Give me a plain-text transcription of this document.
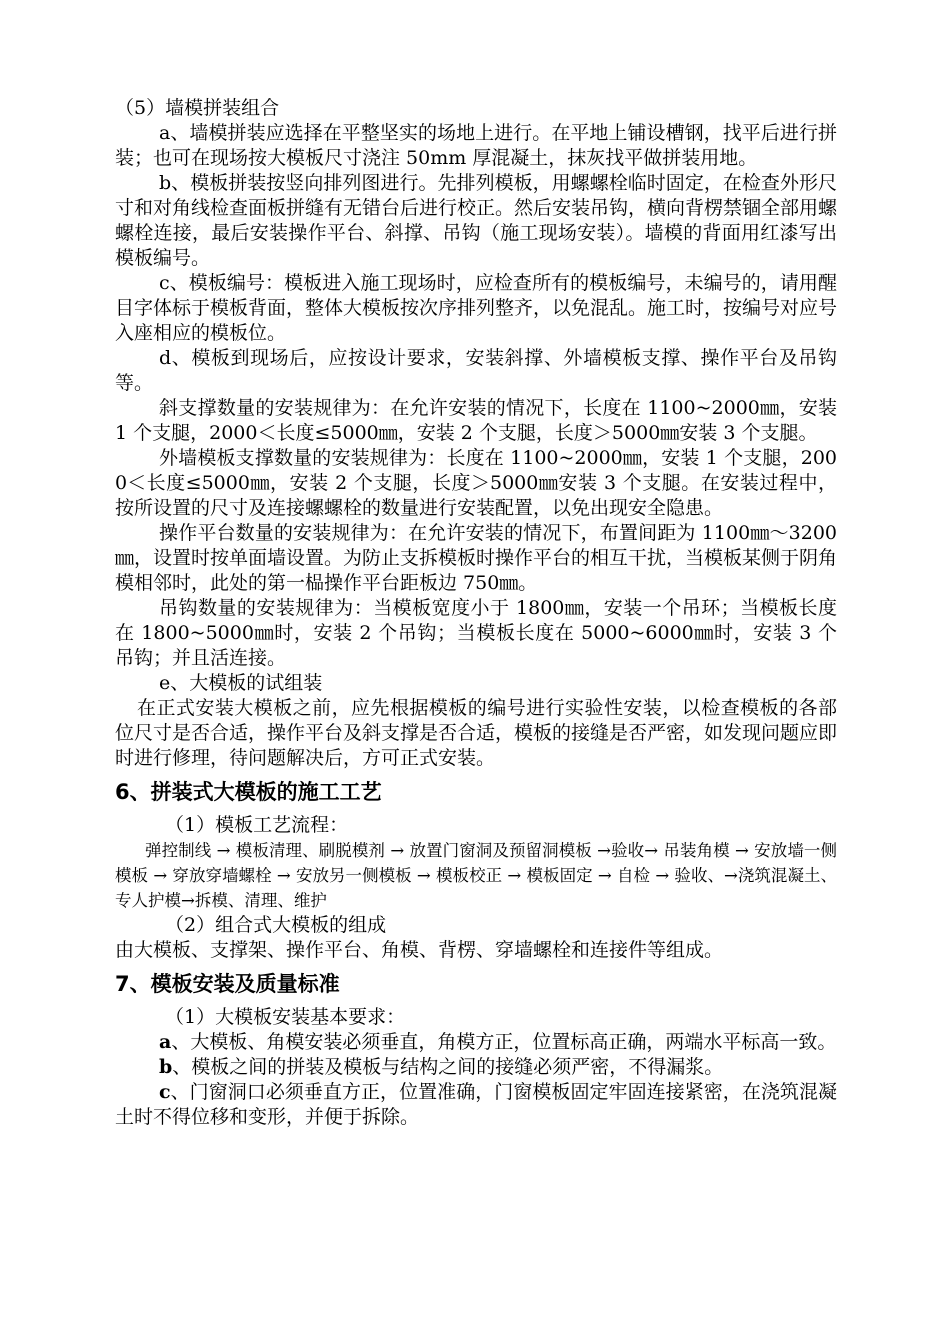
（5）墙模拼装组合

a、墙模拼装应选择在平整坚实的场地上进行。在平地上铺设槽钢，找平后进行拼装；也可在现场按大模板尺寸浇注 50mm 厚混凝土，抹灰找平做拼装用地。

b、模板拼装按竖向排列图进行。先排列模板，用螺螺栓临时固定，在检查外形尺寸和对角线检查面板拼缝有无错台后进行校正。然后安装吊钩，横向背楞禁锢全部用螺螺栓连接，最后安装操作平台、斜撑、吊钩（施工现场安装）。墙模的背面用红漆写出模板编号。

c、模板编号：模板进入施工现场时，应检查所有的模板编号，未编号的，请用醒目字体标于模板背面，整体大模板按次序排列整齐，以免混乱。施工时，按编号对应号入座相应的模板位。

d、模板到现场后，应按设计要求，安装斜撑、外墙模板支撑、操作平台及吊钩等。

斜支撑数量的安装规律为：在允许安装的情况下，长度在 1100~2000㎜，安装 1 个支腿，2000＜长度≤5000㎜，安装 2 个支腿，长度＞5000㎜安装 3 个支腿。

外墙模板支撑数量的安装规律为：长度在 1100~2000㎜，安装 1 个支腿，2000＜长度≤5000㎜，安装 2 个支腿，长度＞5000㎜安装 3 个支腿。在安装过程中，按所设置的尺寸及连接螺螺栓的数量进行安装配置，以免出现安全隐患。

操作平台数量的安装规律为：在允许安装的情况下，布置间距为 1100㎜～3200㎜，设置时按单面墙设置。为防止支拆模板时操作平台的相互干扰，当模板某侧于阴角模相邻时，此处的第一榀操作平台距板边 750㎜。

吊钩数量的安装规律为：当模板宽度小于 1800㎜，安装一个吊环；当模板长度在 1800~5000㎜时，安装 2 个吊钩；当模板长度在 5000~6000㎜时，安装 3 个吊钩；并且活连接。

e、大模板的试组装

在正式安装大模板之前，应先根据模板的编号进行实验性安装，以检查模板的各部位尺寸是否合适，操作平台及斜支撑是否合适，模板的接缝是否严密，如发现问题应即时进行修理，待问题解决后，方可正式安装。

6、拼装式大模板的施工工艺

（1）模板工艺流程：

弹控制线 → 模板清理、刷脱模剂 → 放置门窗洞及预留洞模板 →验收→ 吊装角模 → 安放墙一侧模板 → 穿放穿墙螺栓 → 安放另一侧模板 → 模板校正 → 模板固定 → 自检 → 验收、→浇筑混凝土、专人护模→拆模、清理、维护

（2）组合式大模板的组成

由大模板、支撑架、操作平台、角模、背楞、穿墙螺栓和连接件等组成。

7、模板安装及质量标准

（1）大模板安装基本要求：

a、大模板、角模安装必须垂直，角模方正，位置标高正确，两端水平标高一致。

b、模板之间的拼装及模板与结构之间的接缝必须严密，不得漏浆。

c、门窗洞口必须垂直方正，位置准确，门窗模板固定牢固连接紧密，在浇筑混凝土时不得位移和变形，并便于拆除。
